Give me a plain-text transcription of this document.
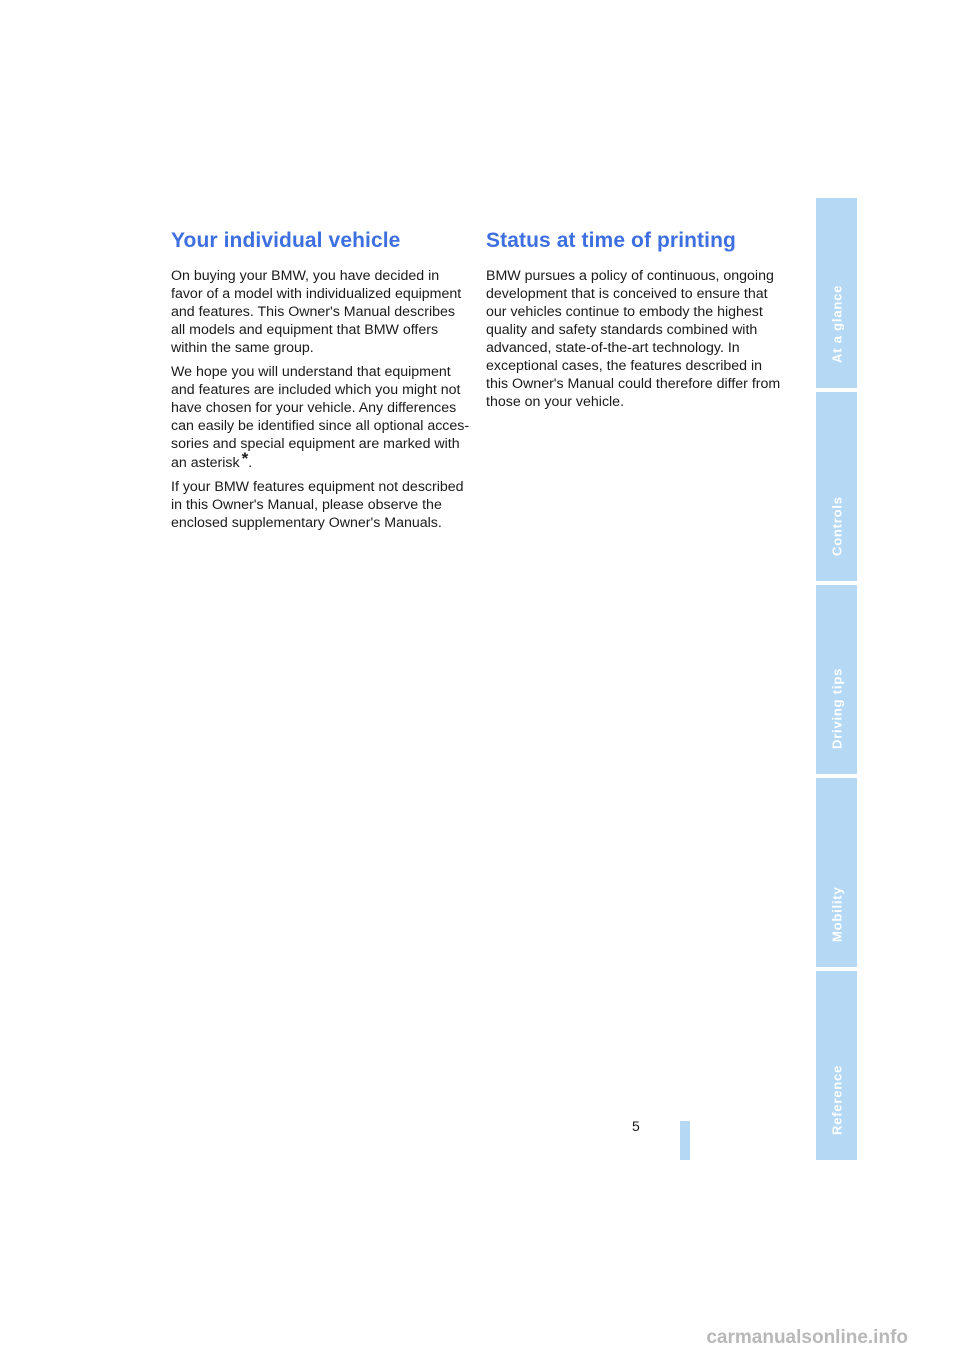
Your individual vehicle

On buying your BMW, you have decided in favor of a model with individualized equipment and features. This Owner's Manual describes all models and equipment that BMW offers within the same group.

We hope you will understand that equipment and features are included which you might not have chosen for your vehicle. Any differences can easily be identified since all optional acces-sories and special equipment are marked with an asterisk *.

If your BMW features equipment not described in this Owner's Manual, please observe the enclosed supplementary Owner's Manuals.

Status at time of printing

BMW pursues a policy of continuous, ongoing development that is conceived to ensure that our vehicles continue to embody the highest quality and safety standards combined with advanced, state-of-the-art technology. In exceptional cases, the features described in this Owner's Manual could therefore differ from those on your vehicle.

At a glance
Controls
Driving tips
Mobility
Reference
5
carmanualsonline.info
